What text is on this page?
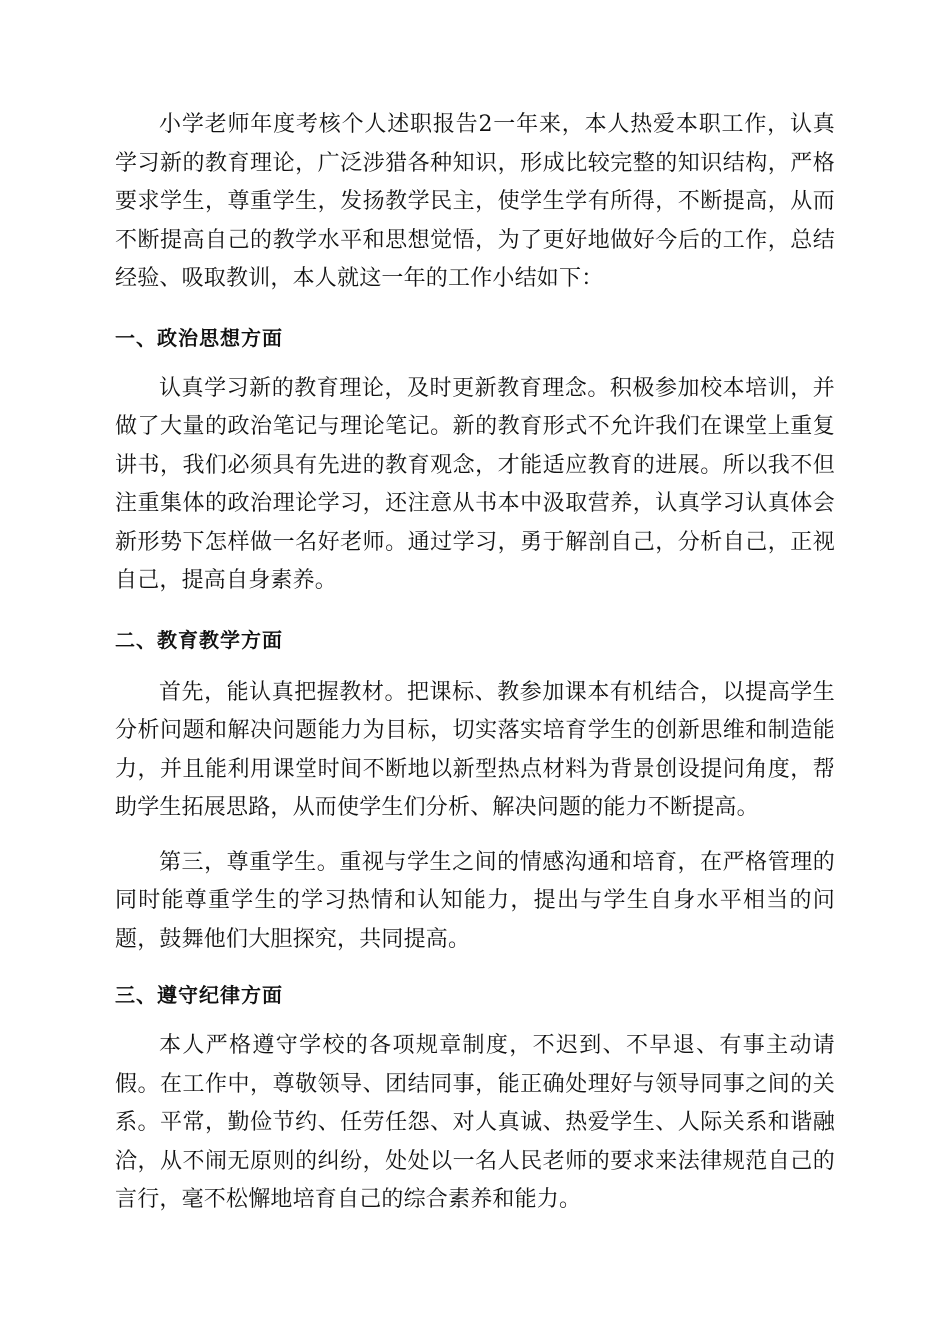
小学老师年度考核个人述职报告2一年来，本人热爱本职工作，认真学习新的教育理论，广泛涉猎各种知识，形成比较完整的知识结构，严格要求学生，尊重学生，发扬教学民主，使学生学有所得，不断提高，从而不断提高自己的教学水平和思想觉悟，为了更好地做好今后的工作，总结经验、吸取教训，本人就这一年的工作小结如下：

一、政治思想方面

认真学习新的教育理论，及时更新教育理念。积极参加校本培训，并做了大量的政治笔记与理论笔记。新的教育形式不允许我们在课堂上重复讲书，我们必须具有先进的教育观念，才能适应教育的进展。所以我不但注重集体的政治理论学习，还注意从书本中汲取营养，认真学习认真体会新形势下怎样做一名好老师。通过学习，勇于解剖自己，分析自己，正视自己，提高自身素养。

二、教育教学方面

首先，能认真把握教材。把课标、教参加课本有机结合，以提高学生分析问题和解决问题能力为目标，切实落实培育学生的创新思维和制造能力，并且能利用课堂时间不断地以新型热点材料为背景创设提问角度，帮助学生拓展思路，从而使学生们分析、解决问题的能力不断提高。

第三，尊重学生。重视与学生之间的情感沟通和培育，在严格管理的同时能尊重学生的学习热情和认知能力，提出与学生自身水平相当的问题，鼓舞他们大胆探究，共同提高。

三、遵守纪律方面

本人严格遵守学校的各项规章制度，不迟到、不早退、有事主动请假。在工作中，尊敬领导、团结同事，能正确处理好与领导同事之间的关系。平常，勤俭节约、任劳任怨、对人真诚、热爱学生、人际关系和谐融洽，从不闹无原则的纠纷，处处以一名人民老师的要求来法律规范自己的言行，毫不松懈地培育自己的综合素养和能力。
